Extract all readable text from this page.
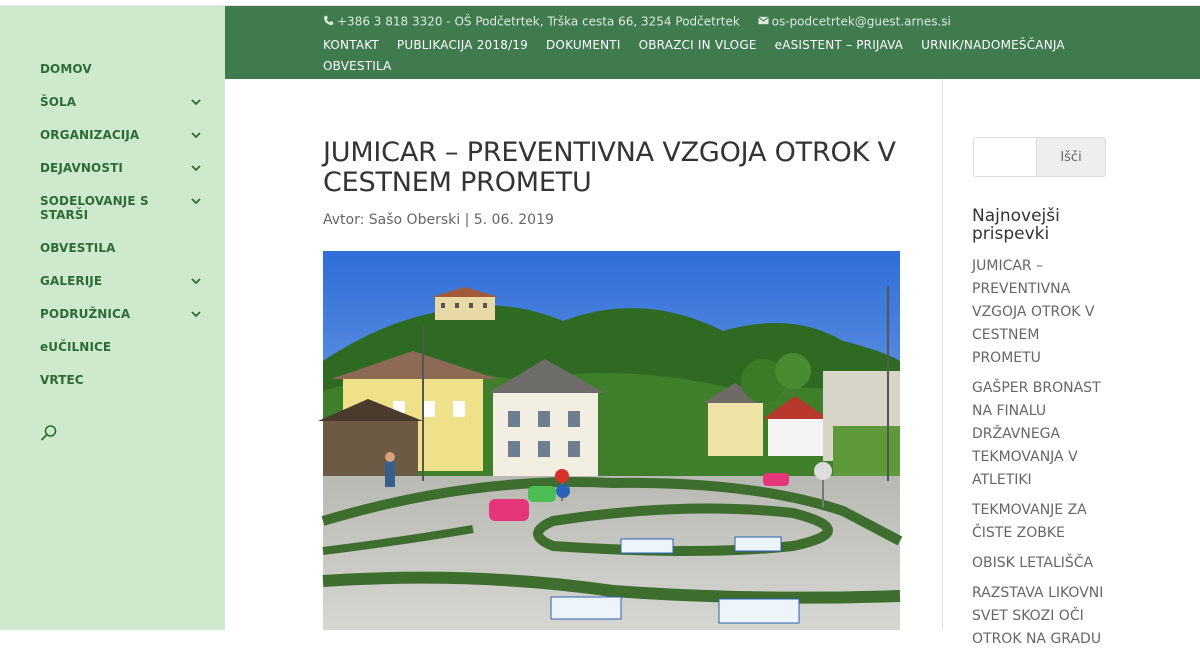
DOMOV
ŠOLA
ORGANIZACIJA
DEJAVNOSTI
SODELOVANJE S STARŠI
OBVESTILA
GALERIJE
PODRUŽNICA
eUČILNICE
VRTEC
+386 3 818 3320 - OŠ Podčetrtek, Trška cesta 66, 3254 Podčetrtek	os-podcetrtek@guest.arnes.si
KONTAKT PUBLIKACIJA 2018/19 DOKUMENTI OBRAZCI IN VLOGE eASISTENT – PRIJAVA URNIK/NADOMEŠČANJAOBVESTILA
JUMICAR – PREVENTIVNA VZGOJA OTROK V CESTNEM PROMETU

Avtor: Sašo Oberski | 5. 06. 2019

Išči
Najnovejši prispevki
JUMICAR – PREVENTIVNA VZGOJA OTROK V CESTNEM PROMETU
GAŠPER BRONAST NA FINALU DRŽAVNEGA TEKMOVANJA V ATLETIKI
TEKMOVANJE ZA ČISTE ZOBKE
OBISK LETALIŠČA
RAZSTAVA LIKOVNI SVET SKOZI OČI OTROK NA GRADU
